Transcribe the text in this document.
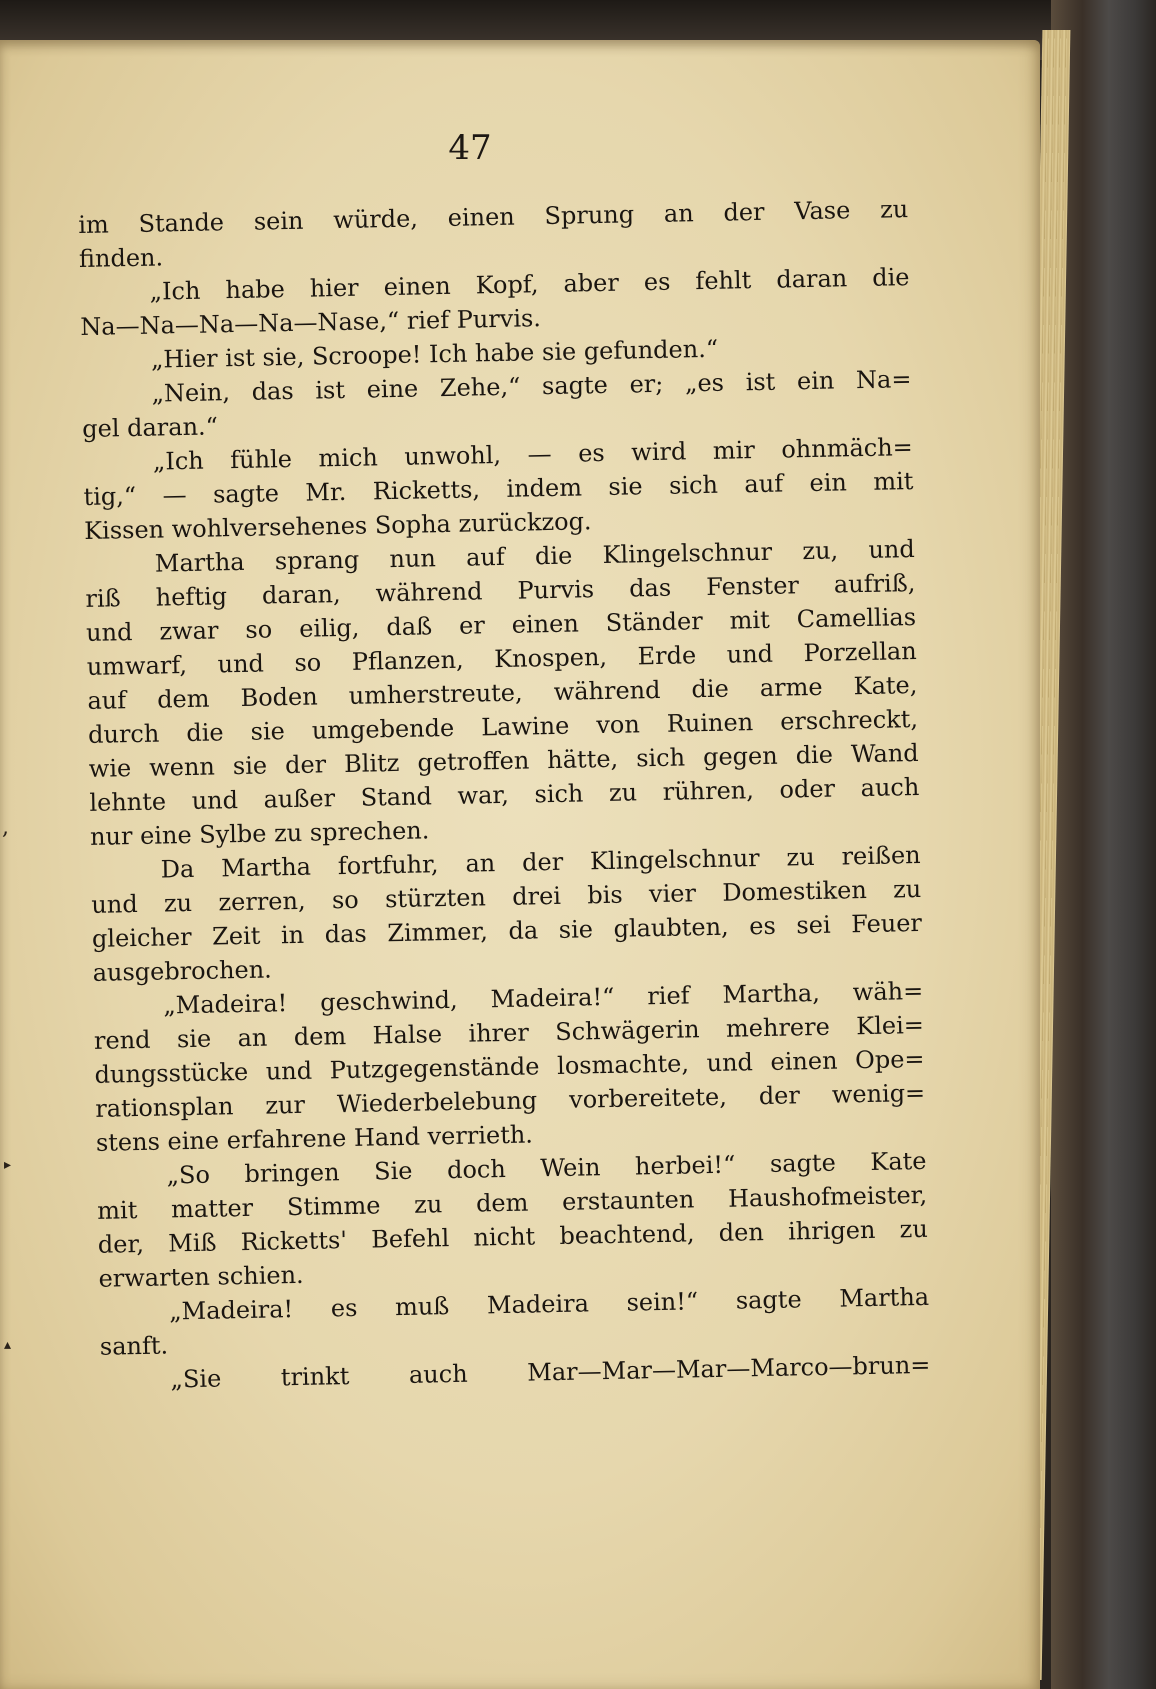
47
im Stande sein würde, einen Sprung an der Vase zu
finden.
„Ich habe hier einen Kopf, aber es fehlt daran die
Na—Na—Na—Na—Nase,“ rief Purvis.
„Hier ist sie, Scroope! Ich habe sie gefunden.“
„Nein, das ist eine Zehe,“ sagte er; „es ist ein Na=
gel daran.“
„Ich fühle mich unwohl, — es wird mir ohnmäch=
tig,“ — sagte Mr. Ricketts, indem sie sich auf ein mit
Kissen wohlversehenes Sopha zurückzog.
Martha sprang nun auf die Klingelschnur zu, und
riß heftig daran, während Purvis das Fenster aufriß,
und zwar so eilig, daß er einen Ständer mit Camellias
umwarf, und so Pflanzen, Knospen, Erde und Porzellan
auf dem Boden umherstreute, während die arme Kate,
durch die sie umgebende Lawine von Ruinen erschreckt,
wie wenn sie der Blitz getroffen hätte, sich gegen die Wand
lehnte und außer Stand war, sich zu rühren, oder auch
nur eine Sylbe zu sprechen.
Da Martha fortfuhr, an der Klingelschnur zu reißen
und zu zerren, so stürzten drei bis vier Domestiken zu
gleicher Zeit in das Zimmer, da sie glaubten, es sei Feuer
ausgebrochen.
„Madeira! geschwind, Madeira!“ rief Martha, wäh=
rend sie an dem Halse ihrer Schwägerin mehrere Klei=
dungsstücke und Putzgegenstände losmachte, und einen Ope=
rationsplan zur Wiederbelebung vorbereitete, der wenig=
stens eine erfahrene Hand verrieth.
„So bringen Sie doch Wein herbei!“ sagte Kate
mit matter Stimme zu dem erstaunten Haushofmeister,
der, Miß Ricketts' Befehl nicht beachtend, den ihrigen zu
erwarten schien.
„Madeira! es muß Madeira sein!“ sagte Martha
sanft.
„Sie trinkt auch Mar—Mar—Mar—Marco—brun=
,
▸
▴
